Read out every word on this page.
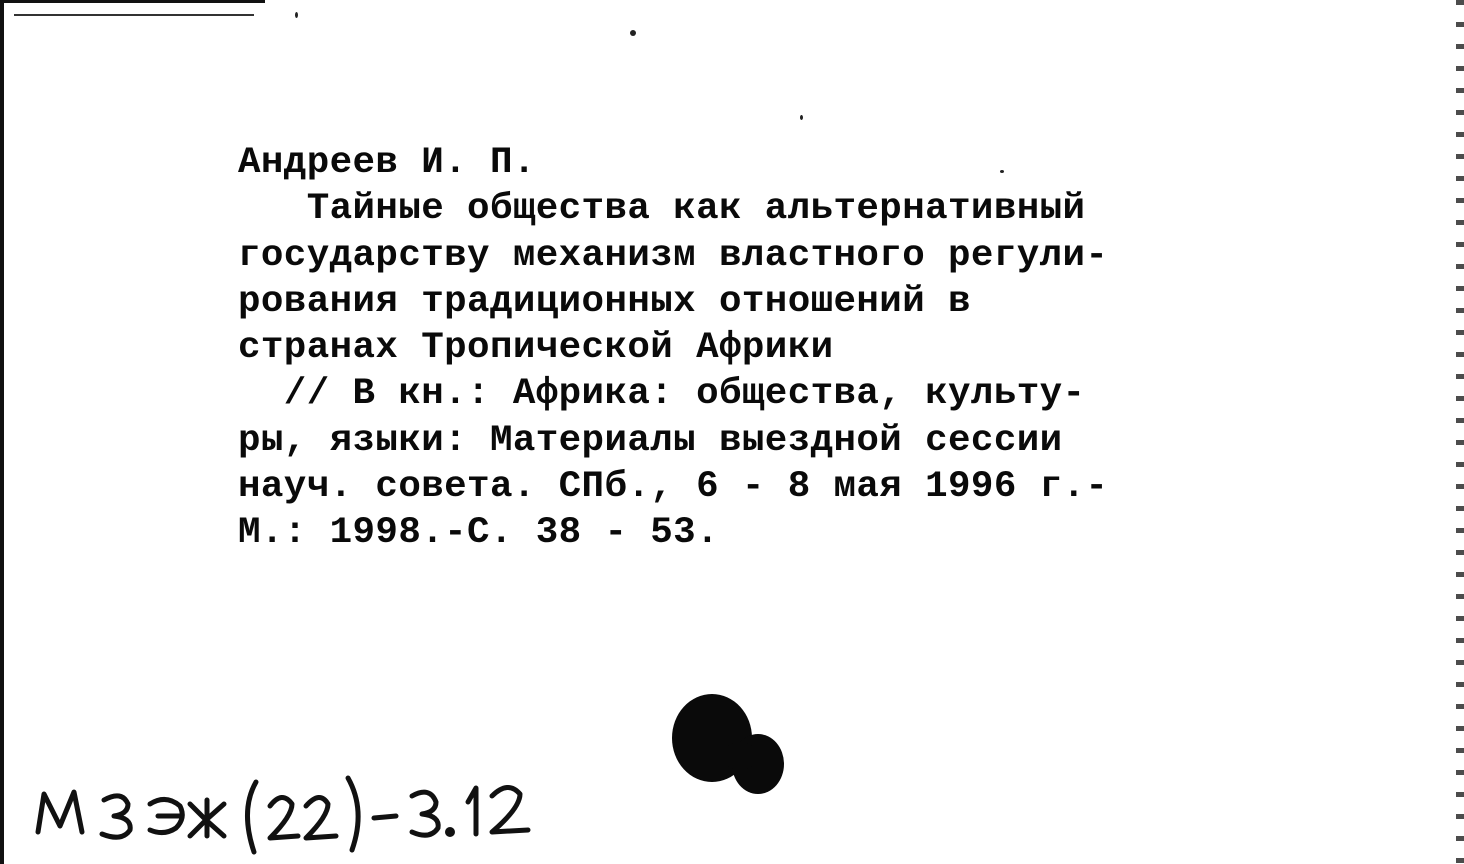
Андреев И. П.
Тайные общества как альтернативный
государству механизм властного регули-
рования традиционных отношений в
странах Тропической Африки
// В кн.: Африка: общества, культу-
ры, языки: Материалы выездной сессии
науч. совета. СПб., 6 - 8 мая 1996 г.-
М.: 1998.-С. 38 - 53.
